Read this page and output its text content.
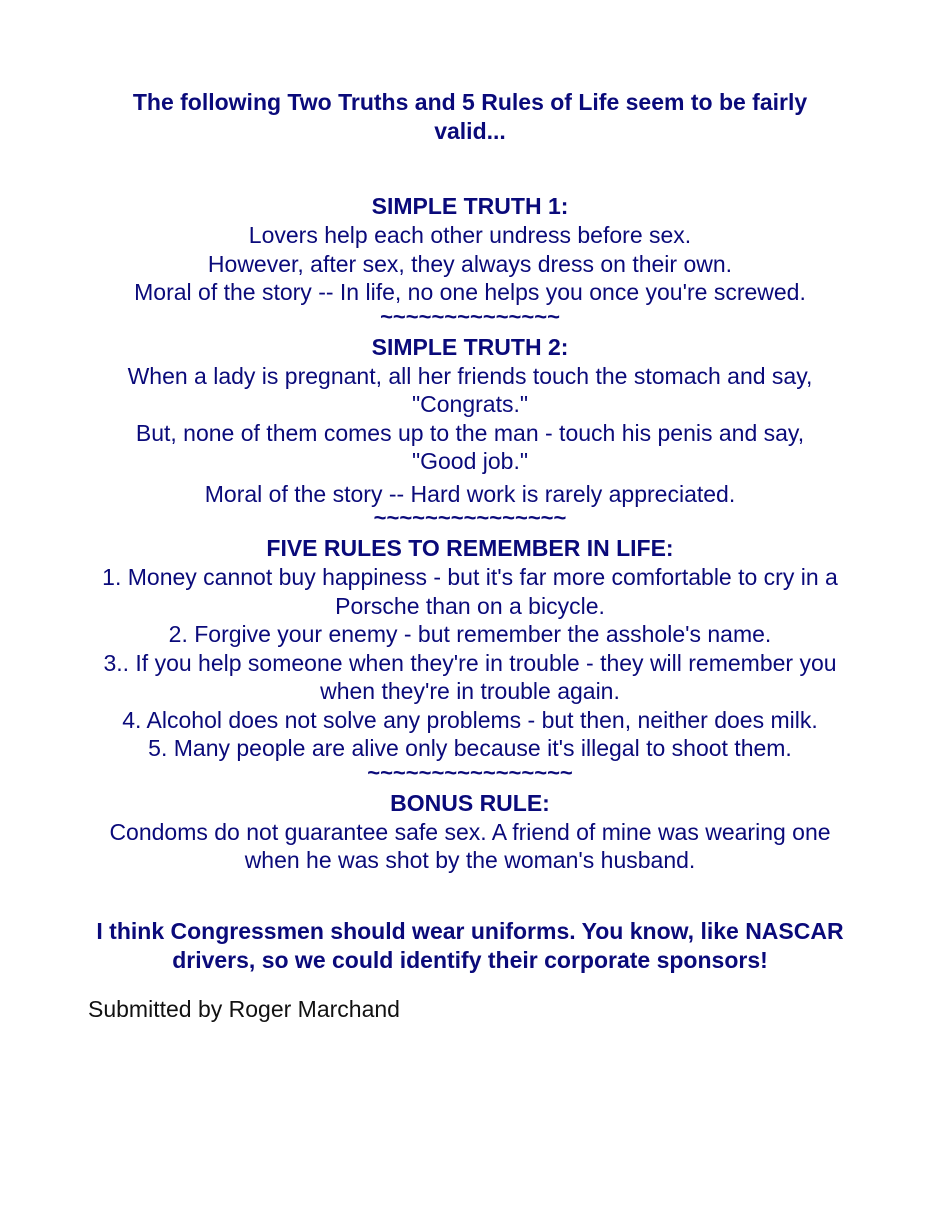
The following Two Truths and 5 Rules of Life seem to be fairly valid...
SIMPLE TRUTH 1:
Lovers help each other undress before sex.
However, after sex, they always dress on their own.
Moral of the story -- In life, no one helps you once you're screwed.
~~~~~~~~~~~~~~
SIMPLE TRUTH 2:
When a lady is pregnant, all her friends touch the stomach and say, "Congrats."
But, none of them comes up to the man - touch his penis and say, "Good job."
Moral of the story -- Hard work is rarely appreciated.
~~~~~~~~~~~~~~~
FIVE RULES TO REMEMBER IN LIFE:
1. Money cannot buy happiness - but it's far more comfortable to cry in a Porsche than on a bicycle.
2. Forgive your enemy - but remember the asshole's name.
3.. If you help someone when they're in trouble - they will remember you when they're in trouble again.
4. Alcohol does not solve any problems - but then, neither does milk.
5. Many people are alive only because it's illegal to shoot them.
~~~~~~~~~~~~~~~~
BONUS RULE:
Condoms do not guarantee safe sex. A friend of mine was wearing one when he was shot by the woman's husband.
I think Congressmen should wear uniforms. You know, like NASCAR drivers, so we could identify their corporate sponsors!
Submitted by Roger Marchand
